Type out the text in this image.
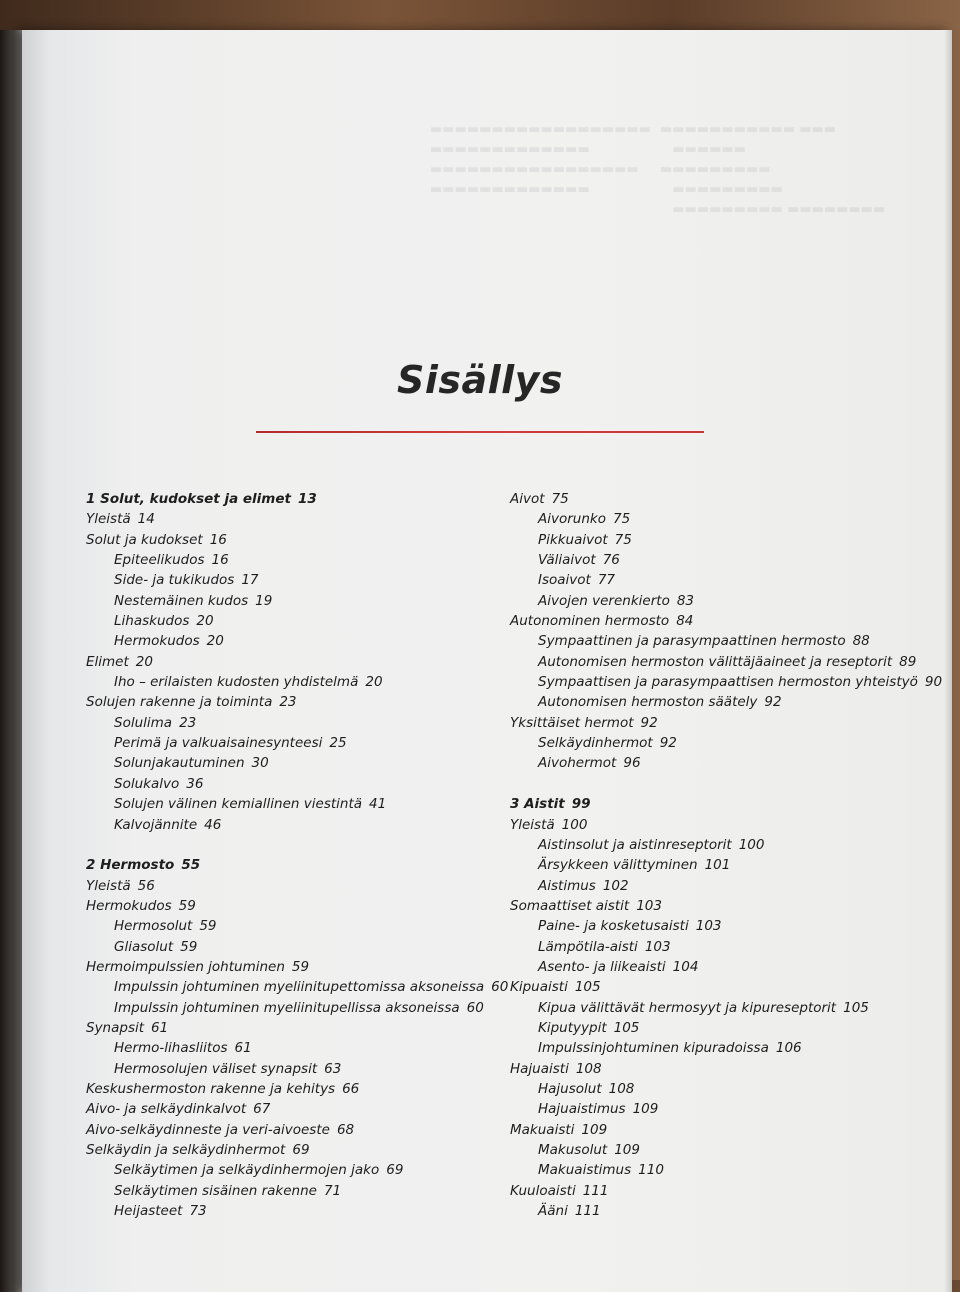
Sisällys
1 Solut, kudokset ja elimet 13
Yleistä 14
Solut ja kudokset 16
Epiteelikudos 16
Side- ja tukikudos 17
Nestemäinen kudos 19
Lihaskudos 20
Hermokudos 20
Elimet 20
Iho – erilaisten kudosten yhdistelmä 20
Solujen rakenne ja toiminta 23
Solulima 23
Perimä ja valkuaisainesynteesi 25
Solunjakautuminen 30
Solukalvo 36
Solujen välinen kemiallinen viestintä 41
Kalvojännite 46
2 Hermosto 55
Yleistä 56
Hermokudos 59
Hermosolut 59
Gliasolut 59
Hermoimpulssien johtuminen 59
Impulssin johtuminen myeliinitupettomissa aksoneissa 60
Impulssin johtuminen myeliinitupellissa aksoneissa 60
Synapsit 61
Hermo-lihasliitos 61
Hermosolujen väliset synapsit 63
Keskushermoston rakenne ja kehitys 66
Aivo- ja selkäydinkalvot 67
Aivo-selkäydinneste ja veri-aivoeste 68
Selkäydin ja selkäydinhermot 69
Selkäytimen ja selkäydinhermojen jako 69
Selkäytimen sisäinen rakenne 71
Heijasteet 73
Aivot 75
Aivorunko 75
Pikkuaivot 75
Väliaivot 76
Isoaivot 77
Aivojen verenkierto 83
Autonominen hermosto 84
Sympaattinen ja parasympaattinen hermosto 88
Autonomisen hermoston välittäjäaineet ja reseptorit 89
Sympaattisen ja parasympaattisen hermoston yhteistyö 90
Autonomisen hermoston säätely 92
Yksittäiset hermot 92
Selkäydinhermot 92
Aivohermot 96
3 Aistit 99
Yleistä 100
Aistinsolut ja aistinreseptorit 100
Ärsykkeen välittyminen 101
Aistimus 102
Somaattiset aistit 103
Paine- ja kosketusaisti 103
Lämpötila-aisti 103
Asento- ja liikeaisti 104
Kipuaisti 105
Kipua välittävät hermosyyt ja kipureseptorit 105
Kiputyypit 105
Impulssinjohtuminen kipuradoissa 106
Hajuaisti 108
Hajusolut 108
Hajuaistimus 109
Makuaisti 109
Makusolut 109
Makuaistimus 110
Kuuloaisti 111
Ääni 111
